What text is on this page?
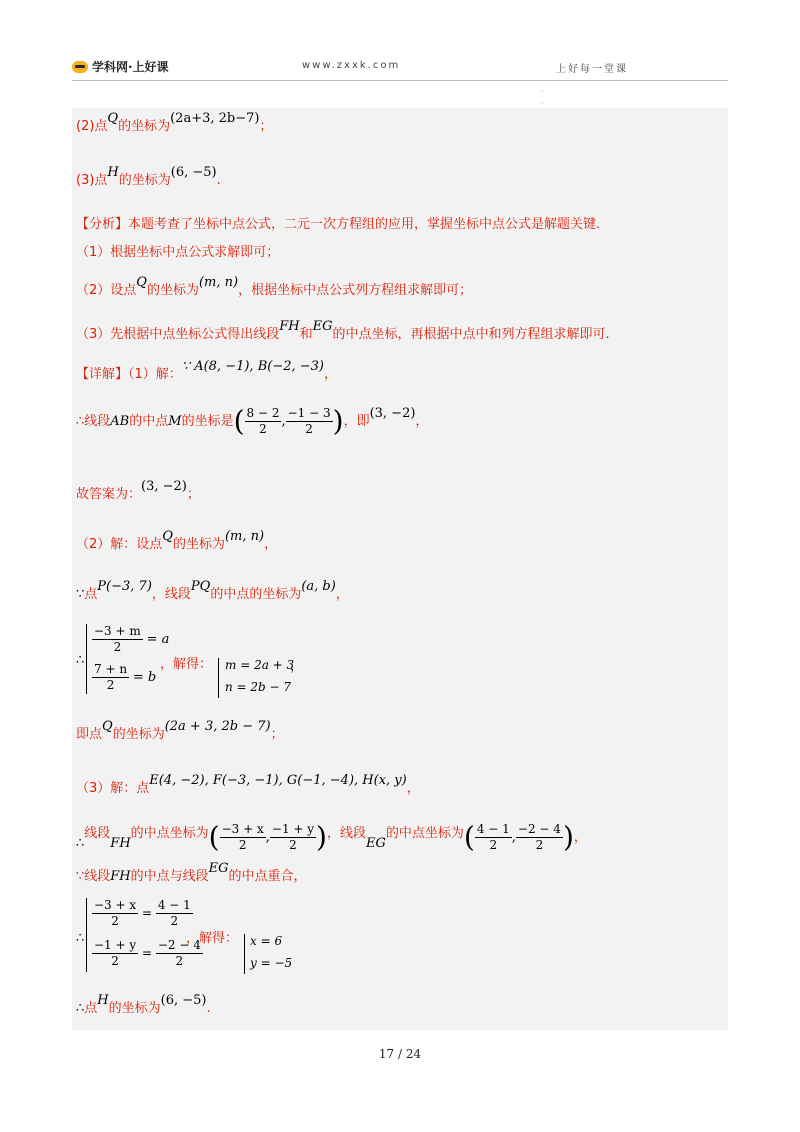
学科网·上好课	www.zxxk.com	上好每一堂课
·
·
(2)点Q的坐标为(2a+3, 2b−7)；
(3)点H的坐标为(6, −5).
【分析】本题考查了坐标中点公式，二元一次方程组的应用，掌握坐标中点公式是解题关键.
（1）根据坐标中点公式求解即可；
（2）设点Q的坐标为(m, n)，根据坐标中点公式列方程组求解即可；
（3）先根据中点坐标公式得出线段FH和EG的中点坐标，再根据中点中和列方程组求解即可.
【详解】（1）解：∵ A(8, −1), B(−2, −3)，
∴线段AB的中点M的坐标是( $\frac{8 - 2}{2}$ , $\frac{-1 - 3}{2}$ )，即(3, −2)，
故答案为：(3, −2)；
（2）解：设点Q的坐标为(m, n)，
∵点P(−3, 7)，线段PQ的中点的坐标为(a, b)，
∴
$\frac{-3 + m}{2} = a$
$\frac{7 + n}{2} = b$
，解得： m = 2a + 3
n = 2b − 7
，
即点Q的坐标为(2a + 3, 2b − 7)；
（3）解：点E(4, −2), F(−3, −1), G(−1, −4), H(x, y)，
∴线段FH的中点坐标为( $\frac{-3 + x}{2}$ , $\frac{-1 + y}{2}$ )，线段EG的中点坐标为( $\frac{4 - 1}{2}$ , $\frac{-2 - 4}{2}$ )，
∵线段FH的中点与线段EG的中点重合，
∴
$\frac{-3 + x}{2} = \frac{4 - 1}{2}$
$\frac{-1 + y}{2} = \frac{-2 - 4}{2}$
，解得： x = 6
y = −5
∴点H的坐标为(6, −5).
17 / 24
